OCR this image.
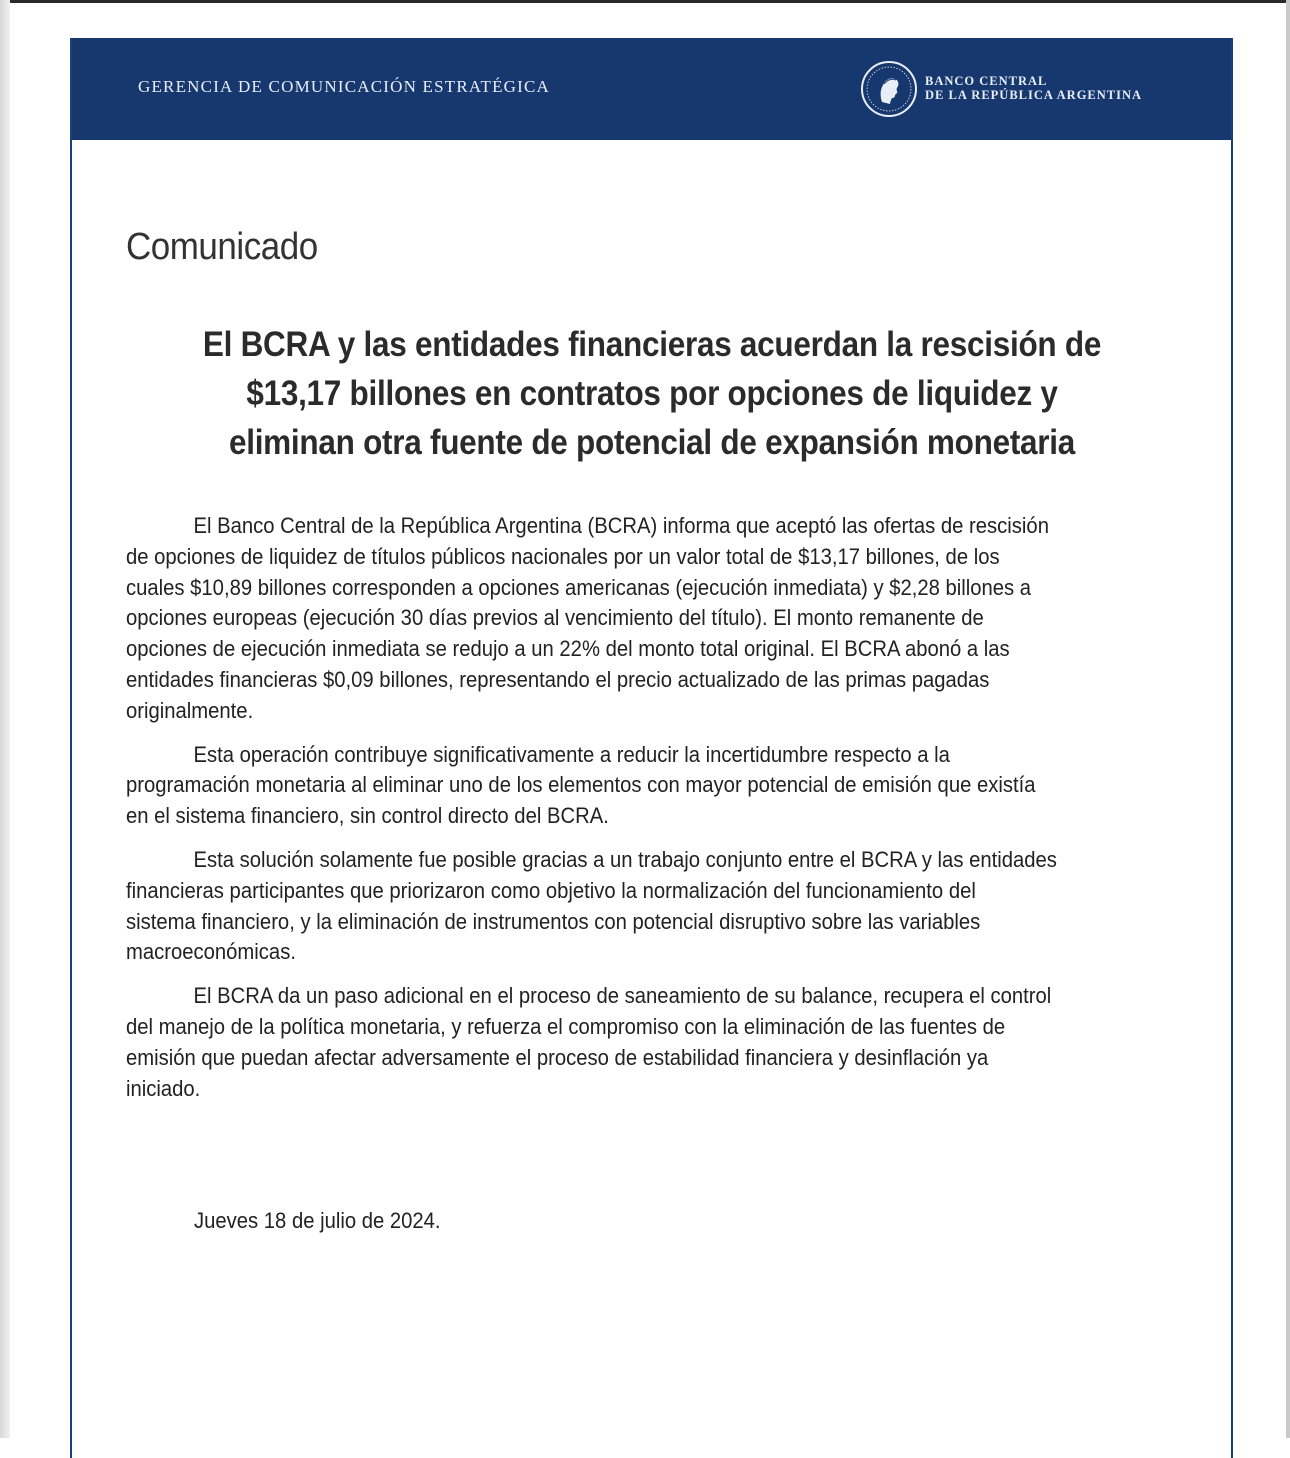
GERENCIA DE COMUNICACIÓN ESTRATÉGICA	BANCO CENTRAL
DE LA REPÚBLICA ARGENTINA
Comunicado
El BCRA y las entidades financieras acuerdan la rescisión de
$13,17 billones en contratos por opciones de liquidez y
eliminan otra fuente de potencial de expansión monetaria
El Banco Central de la República Argentina (BCRA) informa que aceptó las ofertas de rescisión
de opciones de liquidez de títulos públicos nacionales por un valor total de $13,17 billones, de los
cuales $10,89 billones corresponden a opciones americanas (ejecución inmediata) y $2,28 billones a
opciones europeas (ejecución 30 días previos al vencimiento del título). El monto remanente de
opciones de ejecución inmediata se redujo a un 22% del monto total original. El BCRA abonó a las
entidades financieras $0,09 billones, representando el precio actualizado de las primas pagadas
originalmente.
Esta operación contribuye significativamente a reducir la incertidumbre respecto a la
programación monetaria al eliminar uno de los elementos con mayor potencial de emisión que existía
en el sistema financiero, sin control directo del BCRA.
Esta solución solamente fue posible gracias a un trabajo conjunto entre el BCRA y las entidades
financieras participantes que priorizaron como objetivo la normalización del funcionamiento del
sistema financiero, y la eliminación de instrumentos con potencial disruptivo sobre las variables
macroeconómicas.
El BCRA da un paso adicional en el proceso de saneamiento de su balance, recupera el control
del manejo de la política monetaria, y refuerza el compromiso con la eliminación de las fuentes de
emisión que puedan afectar adversamente el proceso de estabilidad financiera y desinflación ya
iniciado.
Jueves 18 de julio de 2024.
